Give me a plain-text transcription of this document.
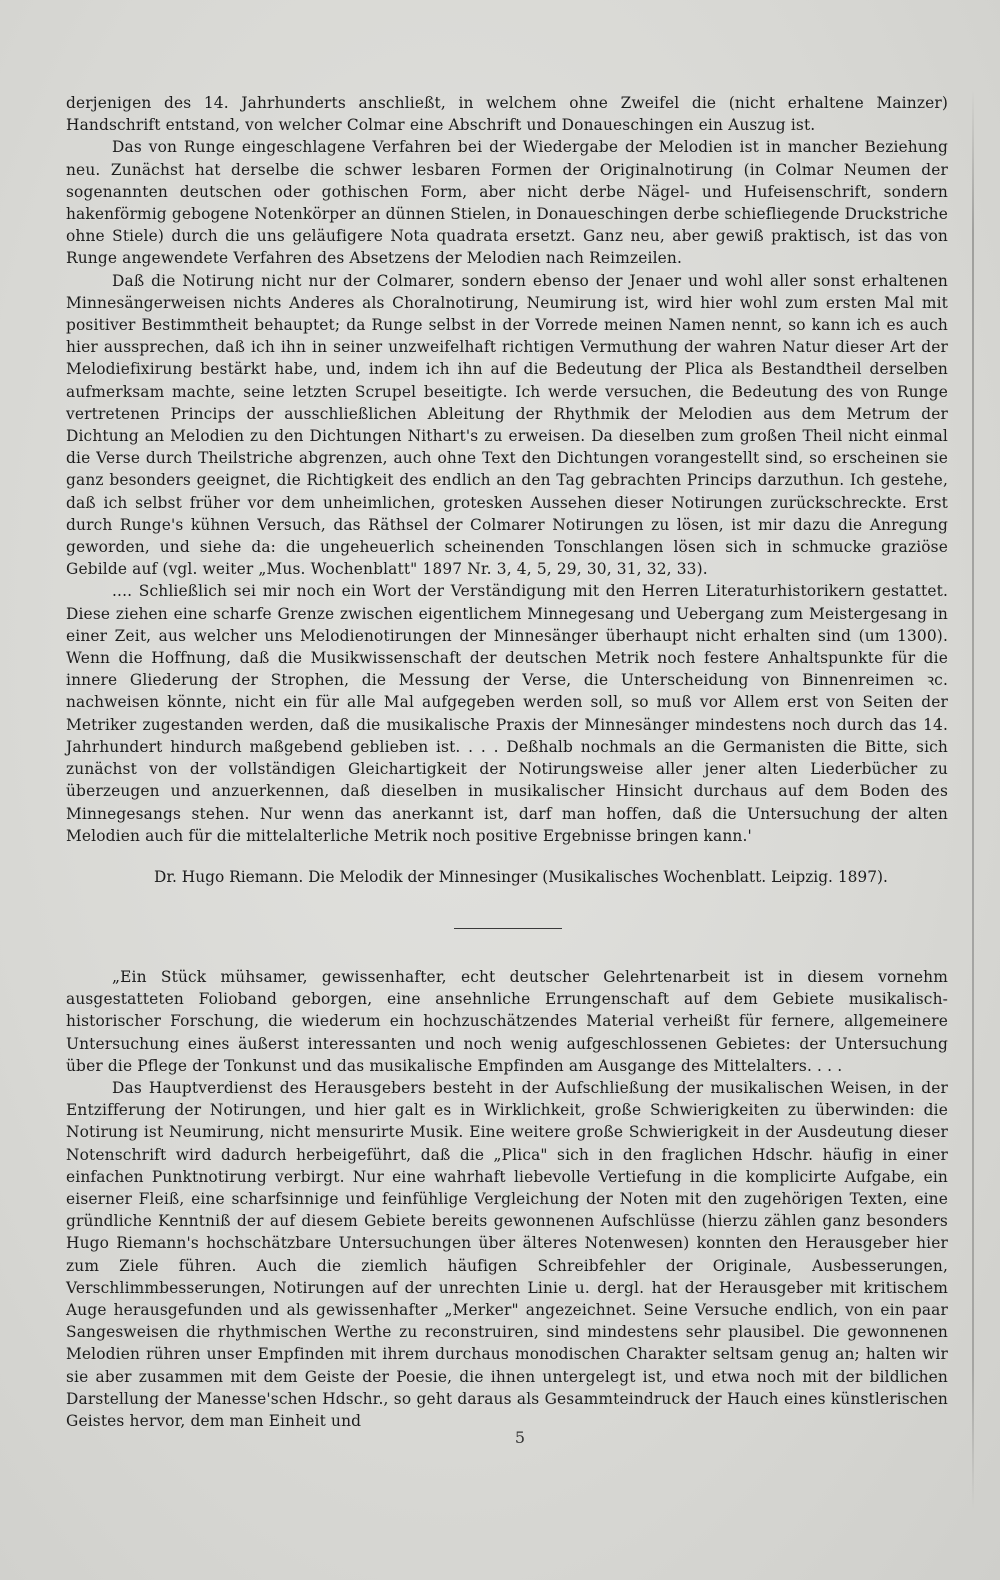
derjenigen des 14. Jahrhunderts anschließt, in welchem ohne Zweifel die (nicht erhaltene Mainzer) Handschrift entstand, von welcher Colmar eine Abschrift und Donaueschingen ein Auszug ist.

Das von Runge eingeschlagene Verfahren bei der Wiedergabe der Melodien ist in mancher Beziehung neu. Zunächst hat derselbe die schwer lesbaren Formen der Originalnotirung (in Colmar Neumen der sogenannten deutschen oder gothischen Form, aber nicht derbe Nägel- und Hufeisenschrift, sondern hakenförmig gebogene Notenkörper an dünnen Stielen, in Donaueschingen derbe schiefliegende Druckstriche ohne Stiele) durch die uns geläufigere Nota quadrata ersetzt. Ganz neu, aber gewiß praktisch, ist das von Runge angewendete Verfahren des Absetzens der Melodien nach Reimzeilen.

Daß die Notirung nicht nur der Colmarer, sondern ebenso der Jenaer und wohl aller sonst erhaltenen Minnesängerweisen nichts Anderes als Choralnotirung, Neumirung ist, wird hier wohl zum ersten Mal mit positiver Bestimmtheit behauptet; da Runge selbst in der Vorrede meinen Namen nennt, so kann ich es auch hier aussprechen, daß ich ihn in seiner unzweifelhaft richtigen Vermuthung der wahren Natur dieser Art der Melodiefixirung bestärkt habe, und, indem ich ihn auf die Bedeutung der Plica als Bestandtheil derselben aufmerksam machte, seine letzten Scrupel beseitigte. Ich werde versuchen, die Bedeutung des von Runge vertretenen Princips der ausschließlichen Ableitung der Rhythmik der Melodien aus dem Metrum der Dichtung an Melodien zu den Dichtungen Nithart's zu erweisen. Da dieselben zum großen Theil nicht einmal die Verse durch Theilstriche abgrenzen, auch ohne Text den Dichtungen vorangestellt sind, so erscheinen sie ganz besonders geeignet, die Richtigkeit des endlich an den Tag gebrachten Princips darzuthun. Ich gestehe, daß ich selbst früher vor dem unheimlichen, grotesken Aussehen dieser Notirungen zurückschreckte. Erst durch Runge's kühnen Versuch, das Räthsel der Colmarer Notirungen zu lösen, ist mir dazu die Anregung geworden, und siehe da: die ungeheuerlich scheinenden Tonschlangen lösen sich in schmucke graziöse Gebilde auf (vgl. weiter „Mus. Wochenblatt" 1897 Nr. 3, 4, 5, 29, 30, 31, 32, 33).

.... Schließlich sei mir noch ein Wort der Verständigung mit den Herren Literaturhistorikern gestattet. Diese ziehen eine scharfe Grenze zwischen eigentlichem Minnegesang und Uebergang zum Meistergesang in einer Zeit, aus welcher uns Melodienotirungen der Minnesänger überhaupt nicht erhalten sind (um 1300). Wenn die Hoffnung, daß die Musikwissenschaft der deutschen Metrik noch festere Anhaltspunkte für die innere Gliederung der Strophen, die Messung der Verse, die Unterscheidung von Binnenreimen ꝛc. nachweisen könnte, nicht ein für alle Mal aufgegeben werden soll, so muß vor Allem erst von Seiten der Metriker zugestanden werden, daß die musikalische Praxis der Minnesänger mindestens noch durch das 14. Jahrhundert hindurch maßgebend geblieben ist. . . . Deßhalb nochmals an die Germanisten die Bitte, sich zunächst von der vollständigen Gleichartigkeit der Notirungsweise aller jener alten Liederbücher zu überzeugen und anzuerkennen, daß dieselben in musikalischer Hinsicht durchaus auf dem Boden des Minnegesangs stehen. Nur wenn das anerkannt ist, darf man hoffen, daß die Untersuchung der alten Melodien auch für die mittelalterliche Metrik noch positive Ergebnisse bringen kann.'

Dr. Hugo Riemann. Die Melodik der Minnesinger (Musikalisches Wochenblatt. Leipzig. 1897).

„Ein Stück mühsamer, gewissenhafter, echt deutscher Gelehrtenarbeit ist in diesem vornehm ausgestatteten Folioband geborgen, eine ansehnliche Errungenschaft auf dem Gebiete musikalisch-historischer Forschung, die wiederum ein hochzuschätzendes Material verheißt für fernere, allgemeinere Untersuchung eines äußerst interessanten und noch wenig aufgeschlossenen Gebietes: der Untersuchung über die Pflege der Tonkunst und das musikalische Empfinden am Ausgange des Mittelalters. . . .

Das Hauptverdienst des Herausgebers besteht in der Aufschließung der musikalischen Weisen, in der Entzifferung der Notirungen, und hier galt es in Wirklichkeit, große Schwierigkeiten zu überwinden: die Notirung ist Neumirung, nicht mensurirte Musik. Eine weitere große Schwierigkeit in der Ausdeutung dieser Notenschrift wird dadurch herbeigeführt, daß die „Plica" sich in den fraglichen Hdschr. häufig in einer einfachen Punktnotirung verbirgt. Nur eine wahrhaft liebevolle Vertiefung in die komplicirte Aufgabe, ein eiserner Fleiß, eine scharfsinnige und feinfühlige Vergleichung der Noten mit den zugehörigen Texten, eine gründliche Kenntniß der auf diesem Gebiete bereits gewonnenen Aufschlüsse (hierzu zählen ganz besonders Hugo Riemann's hochschätzbare Untersuchungen über älteres Notenwesen) konnten den Herausgeber hier zum Ziele führen. Auch die ziemlich häufigen Schreibfehler der Originale, Ausbesserungen, Verschlimmbesserungen, Notirungen auf der unrechten Linie u. dergl. hat der Herausgeber mit kritischem Auge herausgefunden und als gewissenhafter „Merker" angezeichnet. Seine Versuche endlich, von ein paar Sangesweisen die rhythmischen Werthe zu reconstruiren, sind mindestens sehr plausibel. Die gewonnenen Melodien rühren unser Empfinden mit ihrem durchaus monodischen Charakter seltsam genug an; halten wir sie aber zusammen mit dem Geiste der Poesie, die ihnen untergelegt ist, und etwa noch mit der bildlichen Darstellung der Manesse'schen Hdschr., so geht daraus als Gesammteindruck der Hauch eines künstlerischen Geistes hervor, dem man Einheit und

5
